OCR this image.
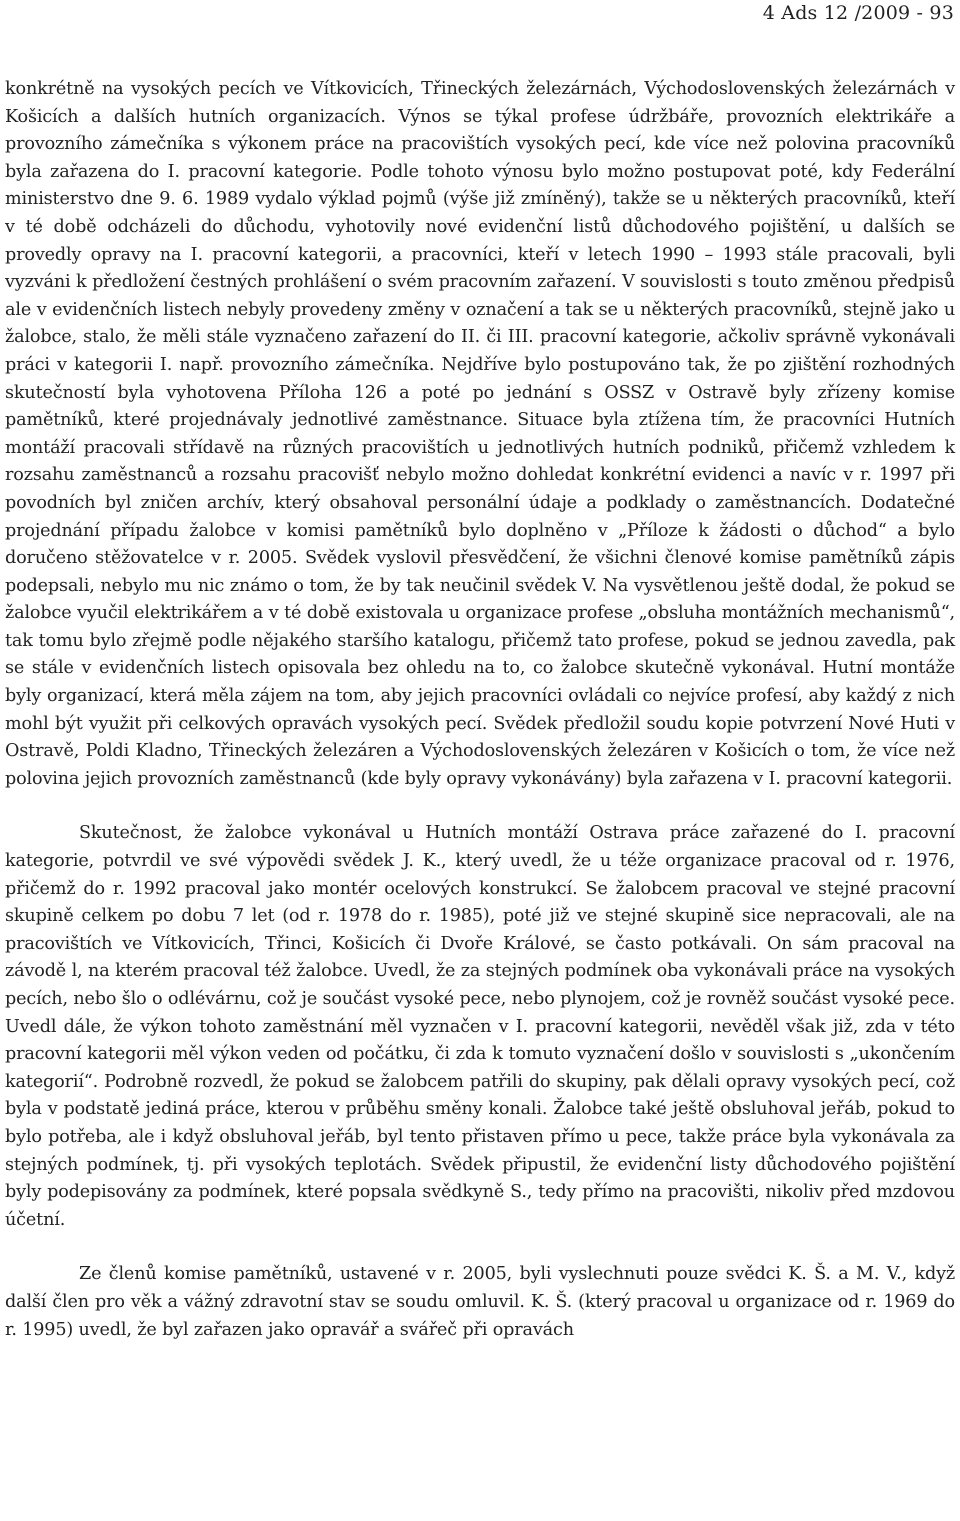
4 Ads 12 /2009 - 93

konkrétně na vysokých pecích ve Vítkovicích, Třineckých železárnách, Východoslovenských železárnách v Košicích a dalších hutních organizacích. Výnos se týkal profese údržbáře, provozních elektrikáře a provozního zámečníka s výkonem práce na pracovištích vysokých pecí, kde více než polovina pracovníků byla zařazena do I. pracovní kategorie. Podle tohoto výnosu bylo možno postupovat poté, kdy Federální ministerstvo dne 9. 6. 1989 vydalo výklad pojmů (výše již zmíněný), takže se u některých pracovníků, kteří v té době odcházeli do důchodu, vyhotovily nové evidenční listů důchodového pojištění, u dalších se provedly opravy na I. pracovní kategorii, a pracovníci, kteří v letech 1990 – 1993 stále pracovali, byli vyzváni k předložení čestných prohlášení o svém pracovním zařazení. V souvislosti s touto změnou předpisů ale v evidenčních listech nebyly provedeny změny v označení a tak se u některých pracovníků, stejně jako u žalobce, stalo, že měli stále vyznačeno zařazení do II. či III. pracovní kategorie, ačkoliv správně vykonávali práci v kategorii I. např. provozního zámečníka. Nejdříve bylo postupováno tak, že po zjištění rozhodných skutečností byla vyhotovena Příloha 126 a poté po jednání s OSSZ v Ostravě byly zřízeny komise pamětníků, které projednávaly jednotlivé zaměstnance. Situace byla ztížena tím, že pracovníci Hutních montáží pracovali střídavě na různých pracovištích u jednotlivých hutních podniků, přičemž vzhledem k rozsahu zaměstnanců a rozsahu pracovišť nebylo možno dohledat konkrétní evidenci a navíc v r. 1997 při povodních byl zničen archív, který obsahoval personální údaje a podklady o zaměstnancích. Dodatečné projednání případu žalobce v komisi pamětníků bylo doplněno v „Příloze k žádosti o důchod“ a bylo doručeno stěžovatelce v r. 2005. Svědek vyslovil přesvědčení, že všichni členové komise pamětníků zápis podepsali, nebylo mu nic známo o tom, že by tak neučinil svědek V. Na vysvětlenou ještě dodal, že pokud se žalobce vyučil elektrikářem a v té době existovala u organizace profese „obsluha montážních mechanismů“, tak tomu bylo zřejmě podle nějakého staršího katalogu, přičemž tato profese, pokud se jednou zavedla, pak se stále v evidenčních listech opisovala bez ohledu na to, co žalobce skutečně vykonával. Hutní montáže byly organizací, která měla zájem na tom, aby jejich pracovníci ovládali co nejvíce profesí, aby každý z nich mohl být využit při celkových opravách vysokých pecí. Svědek předložil soudu kopie potvrzení Nové Huti v Ostravě, Poldi Kladno, Třineckých železáren a Východoslovenských železáren v Košicích o tom, že více než polovina jejich provozních zaměstnanců (kde byly opravy vykonávány) byla zařazena v I. pracovní kategorii.

Skutečnost, že žalobce vykonával u Hutních montáží Ostrava práce zařazené do I. pracovní kategorie, potvrdil ve své výpovědi svědek J. K., který uvedl, že u téže organizace pracoval od r. 1976, přičemž do r. 1992 pracoval jako montér ocelových konstrukcí. Se žalobcem pracoval ve stejné pracovní skupině celkem po dobu 7 let (od r. 1978 do r. 1985), poté již ve stejné skupině sice nepracovali, ale na pracovištích ve Vítkovicích, Třinci, Košicích či Dvoře Králové, se často potkávali. On sám pracoval na závodě l, na kterém pracoval též žalobce. Uvedl, že za stejných podmínek oba vykonávali práce na vysokých pecích, nebo šlo o odlévárnu, což je součást vysoké pece, nebo plynojem, což je rovněž součást vysoké pece. Uvedl dále, že výkon tohoto zaměstnání měl vyznačen v I. pracovní kategorii, nevěděl však již, zda v této pracovní kategorii měl výkon veden od počátku, či zda k tomuto vyznačení došlo v souvislosti s „ukončením kategorií“. Podrobně rozvedl, že pokud se žalobcem patřili do skupiny, pak dělali opravy vysokých pecí, což byla v podstatě jediná práce, kterou v průběhu směny konali. Žalobce také ještě obsluhoval jeřáb, pokud to bylo potřeba, ale i když obsluhoval jeřáb, byl tento přistaven přímo u pece, takže práce byla vykonávala za stejných podmínek, tj. při vysokých teplotách. Svědek připustil, že evidenční listy důchodového pojištění byly podepisovány za podmínek, které popsala svědkyně S., tedy přímo na pracovišti, nikoliv před mzdovou účetní.

Ze členů komise pamětníků, ustavené v r. 2005, byli vyslechnuti pouze svědci K. Š. a M. V., když další člen pro věk a vážný zdravotní stav se soudu omluvil. K. Š. (který pracoval u organizace od r. 1969 do r. 1995) uvedl, že byl zařazen jako opravář a svářeč při opravách
